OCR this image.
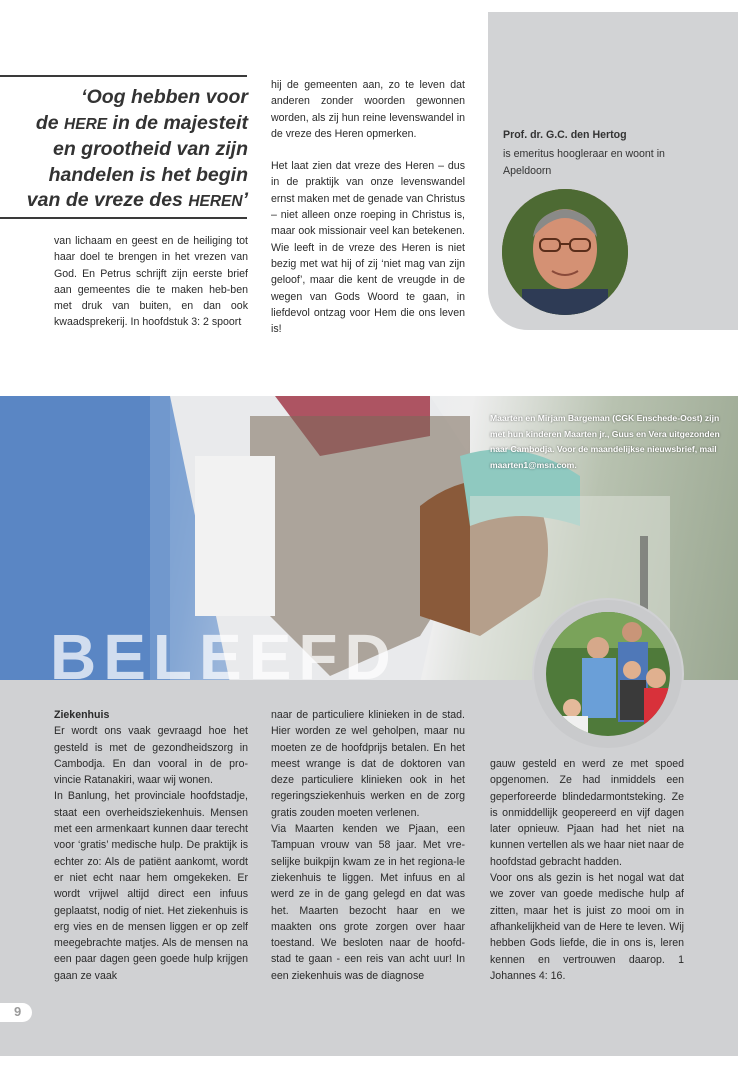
‘Oog hebben voor
de HERE in de majesteit
en grootheid van zijn
handelen is het begin
van de vreze des HEREN’

van lichaam en geest en de heiliging tot haar doel te brengen in het vrezen van God. En Petrus schrijft zijn eerste brief aan gemeentes die te maken heb-ben met druk van buiten, en dan ook kwaadsprekerij. In hoofdstuk 3: 2 spoort

hij de gemeenten aan, zo te leven dat anderen zonder woorden gewonnen worden, als zij hun reine levenswandel in de vreze des Heren opmerken.

Het laat zien dat vreze des Heren – dus in de praktijk van onze levenswandel ernst maken met de genade van Christus – niet alleen onze roeping in Christus is, maar ook missionair veel kan betekenen. Wie leeft in de vreze des Heren is niet bezig met wat hij of zij ‘niet mag van zijn geloof’, maar die kent de vreugde in de wegen van Gods Woord te gaan, in liefdevol ontzag voor Hem die ons leven is!

Prof. dr. G.C. den Hertog
is emeritus hoogleraar en woont in Apeldoorn
Maarten en Mirjam Bargeman (CGK Enschede-Oost) zijn met hun kinderen Maarten jr., Guus en Vera uitgezonden naar Cambodja. Voor de maandelijkse nieuwsbrief, mail maarten1@msn.com.
BELEEFD

Ziekenhuis

Er wordt ons vaak gevraagd hoe het gesteld is met de gezondheidszorg in Cambodja. En dan vooral in de pro-vincie Ratanakiri, waar wij wonen.

In Banlung, het provinciale hoofdstadje, staat een overheidsziekenhuis. Mensen met een armenkaart kunnen daar terecht voor ‘gratis’ medische hulp. De praktijk is echter zo: Als de patiënt aankomt, wordt er niet echt naar hem omgekeken. Er wordt vrijwel altijd direct een infuus geplaatst, nodig of niet. Het ziekenhuis is erg vies en de mensen liggen er op zelf meegebrachte matjes. Als de mensen na een paar dagen geen goede hulp krijgen gaan ze vaak

naar de particuliere klinieken in de stad. Hier worden ze wel geholpen, maar nu moeten ze de hoofdprijs betalen. En het meest wrange is dat de doktoren van deze particuliere klinieken ook in het regeringsziekenhuis werken en de zorg gratis zouden moeten verlenen.

Via Maarten kenden we Pjaan, een Tampuan vrouw van 58 jaar. Met vre-selijke buikpijn kwam ze in het regiona-le ziekenhuis te liggen. Met infuus en al werd ze in de gang gelegd en dat was het. Maarten bezocht haar en we maakten ons grote zorgen over haar toestand. We besloten naar de hoofd-stad te gaan - een reis van acht uur! In een ziekenhuis was de diagnose

gauw gesteld en werd ze met spoed opgenomen. Ze had inmiddels een geperforeerde blindedarmontsteking. Ze is onmiddellijk geopereerd en vijf dagen later opnieuw. Pjaan had het niet na kunnen vertellen als we haar niet naar de hoofdstad gebracht hadden.

Voor ons als gezin is het nogal wat dat we zover van goede medische hulp af zitten, maar het is juist zo mooi om in afhankelijkheid van de Here te leven. Wij hebben Gods liefde, die in ons is, leren kennen en vertrouwen daarop. 1 Johannes 4: 16.

9
